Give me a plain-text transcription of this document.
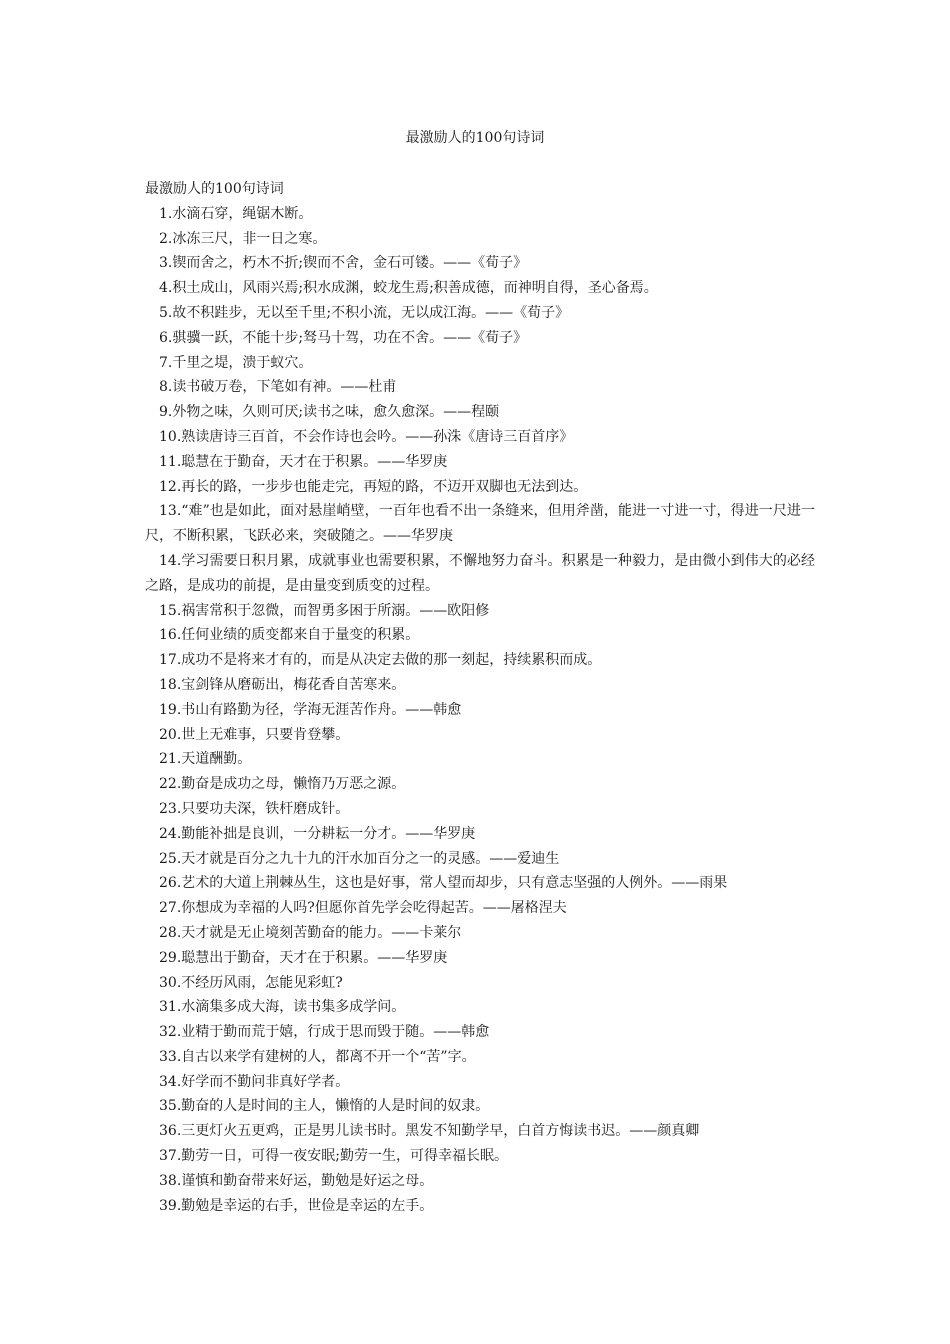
最激励人的100句诗词

最激励人的100句诗词

1.水滴石穿，绳锯木断。
2.冰冻三尺，非一日之寒。
3.锲而舍之，朽木不折;锲而不舍，金石可镂。——《荀子》
4.积土成山，风雨兴焉;积水成渊，蛟龙生焉;积善成德，而神明自得，圣心备焉。
5.故不积跬步，无以至千里;不积小流，无以成江海。——《荀子》
6.骐骥一跃，不能十步;驽马十驾，功在不舍。——《荀子》
7.千里之堤，溃于蚁穴。
8.读书破万卷，下笔如有神。——杜甫
9.外物之味，久则可厌;读书之味，愈久愈深。——程颐
10.熟读唐诗三百首，不会作诗也会吟。——孙洙《唐诗三百首序》
11.聪慧在于勤奋，天才在于积累。——华罗庚
12.再长的路，一步步也能走完，再短的路，不迈开双脚也无法到达。
13.“难”也是如此，面对悬崖峭壁，一百年也看不出一条缝来，但用斧凿，能进一寸进一寸，得进一尺进一尺，不断积累，飞跃必来，突破随之。——华罗庚
14.学习需要日积月累，成就事业也需要积累，不懈地努力奋斗。积累是一种毅力，是由微小到伟大的必经之路，是成功的前提，是由量变到质变的过程。
15.祸害常积于忽微，而智勇多困于所溺。——欧阳修
16.任何业绩的质变都来自于量变的积累。
17.成功不是将来才有的，而是从决定去做的那一刻起，持续累积而成。
18.宝剑锋从磨砺出，梅花香自苦寒来。
19.书山有路勤为径，学海无涯苦作舟。——韩愈
20.世上无难事，只要肯登攀。
21.天道酬勤。
22.勤奋是成功之母，懒惰乃万恶之源。
23.只要功夫深，铁杆磨成针。
24.勤能补拙是良训，一分耕耘一分才。——华罗庚
25.天才就是百分之九十九的汗水加百分之一的灵感。——爱迪生
26.艺术的大道上荆棘丛生，这也是好事，常人望而却步，只有意志坚强的人例外。——雨果
27.你想成为幸福的人吗?但愿你首先学会吃得起苦。——屠格涅夫
28.天才就是无止境刻苦勤奋的能力。——卡莱尔
29.聪慧出于勤奋，天才在于积累。——华罗庚
30.不经历风雨，怎能见彩虹?
31.水滴集多成大海，读书集多成学问。
32.业精于勤而荒于嬉，行成于思而毁于随。——韩愈
33.自古以来学有建树的人，都离不开一个“苦”字。
34.好学而不勤问非真好学者。
35.勤奋的人是时间的主人，懒惰的人是时间的奴隶。
36.三更灯火五更鸡，正是男儿读书时。黑发不知勤学早，白首方悔读书迟。——颜真卿
37.勤劳一日，可得一夜安眠;勤劳一生，可得幸福长眠。
38.谨慎和勤奋带来好运，勤勉是好运之母。
39.勤勉是幸运的右手，世俭是幸运的左手。
